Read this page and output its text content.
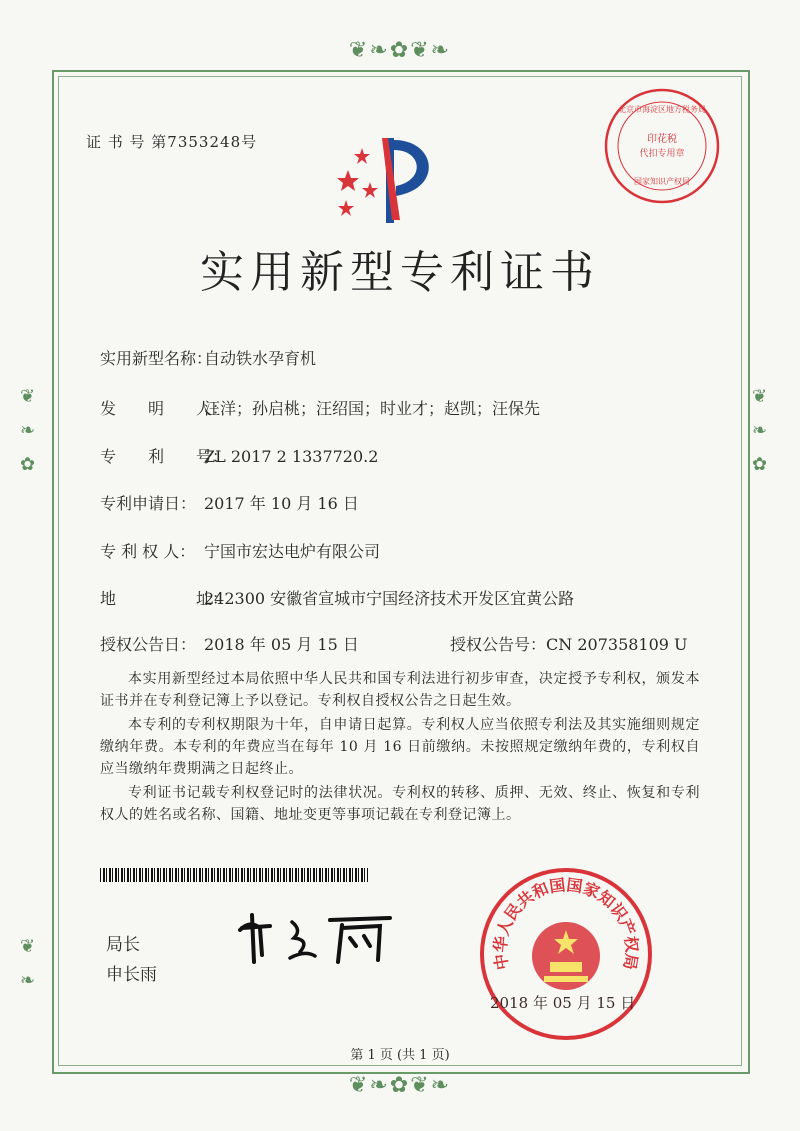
❦❧✿❦❧
❦❧✿❦❧
❦
❧
✿
❦
❧
✿
❦
❧
证 书 号 第7353248号
北京市海淀区地方税务局
印花税
代扣专用章
国家知识产权局
实用新型专利证书
实用新型名称：自动铁水孕育机
发　　明　　人：汪洋；孙启桃；汪绍国；时业才；赵凯；汪保先
专　　利　　号：ZL 2017 2 1337720.2
专利申请日： 2017 年 10 月 16 日
专 利 权 人： 宁国市宏达电炉有限公司
地　　　　　址：242300 安徽省宣城市宁国经济技术开发区宜黄公路
授权公告日： 2018 年 05 月 15 日	授权公告号：CN 207358109 U
本实用新型经过本局依照中华人民共和国专利法进行初步审查，决定授予专利权，颁发本证书并在专利登记簿上予以登记。专利权自授权公告之日起生效。
本专利的专利权期限为十年，自申请日起算。专利权人应当依照专利法及其实施细则规定缴纳年费。本专利的年费应当在每年 10 月 16 日前缴纳。未按照规定缴纳年费的，专利权自应当缴纳年费期满之日起终止。
专利证书记载专利权登记时的法律状况。专利权的转移、质押、无效、终止、恢复和专利权人的姓名或名称、国籍、地址变更等事项记载在专利登记簿上。
局长
申长雨
中华人民共和国国家知识产权局
2018 年 05 月 15 日
第 1 页 (共 1 页)
